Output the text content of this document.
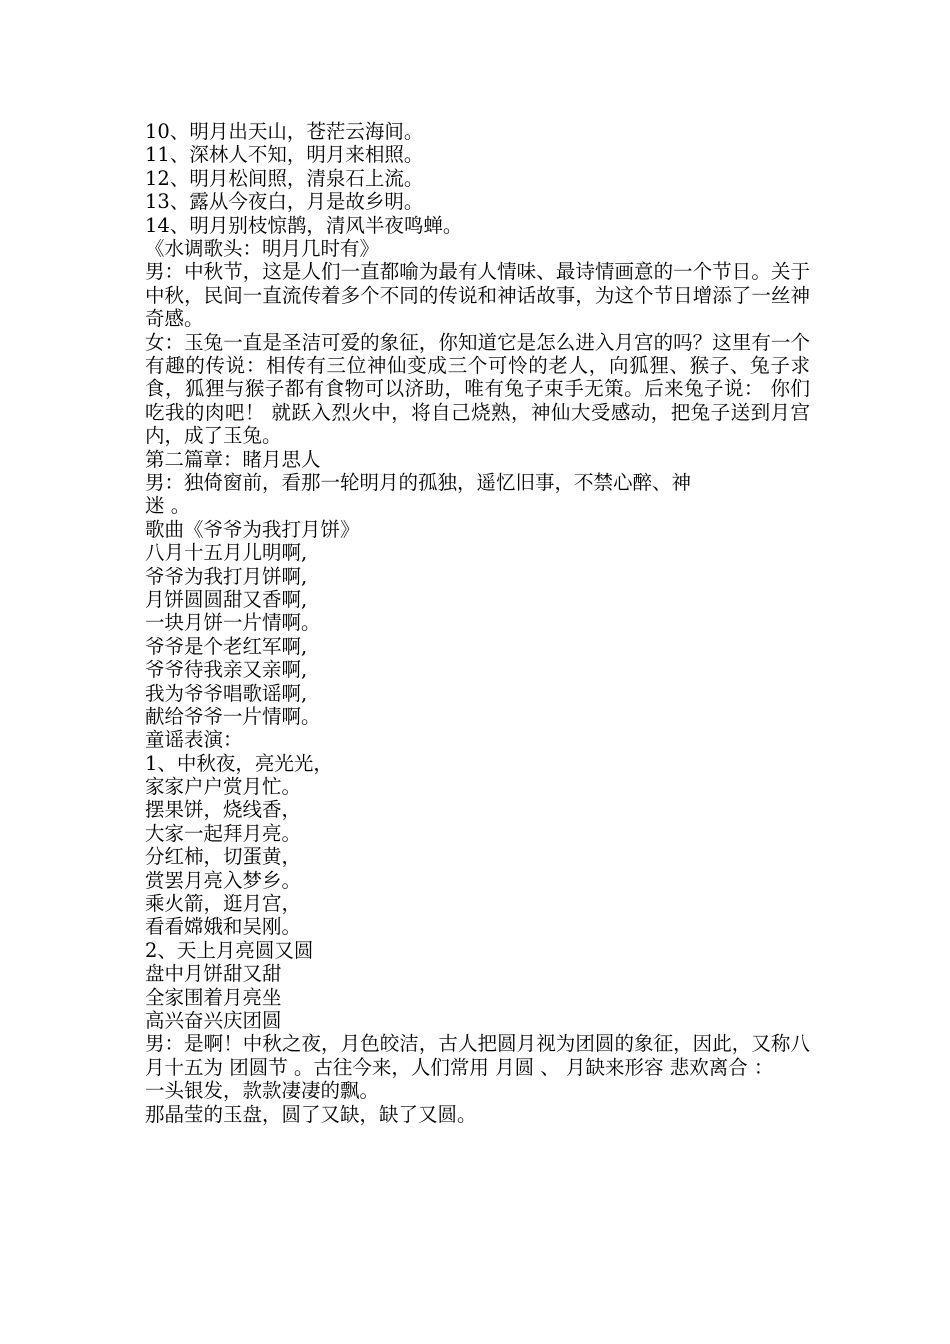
10、明月出天山，苍茫云海间。
11、深林人不知，明月来相照。
12、明月松间照，清泉石上流。
13、露从今夜白，月是故乡明。
14、明月别枝惊鹊，清风半夜鸣蝉。
《水调歌头：明月几时有》
男：中秋节，这是人们一直都喻为最有人情味、最诗情画意的一个节日。关于中秋，民间一直流传着多个不同的传说和神话故事，为这个节日增添了一丝神奇感。
女：玉兔一直是圣洁可爱的象征，你知道它是怎么进入月宫的吗？这里有一个有趣的传说：相传有三位神仙变成三个可怜的老人，向狐狸、猴子、兔子求食，狐狸与猴子都有食物可以济助，唯有兔子束手无策。后来兔子说： 你们吃我的肉吧！ 就跃入烈火中，将自己烧熟，神仙大受感动，把兔子送到月宫内，成了玉兔。
第二篇章：睹月思人
男：独倚窗前，看那一轮明月的孤独，遥忆旧事，不禁心醉、神
迷 。
歌曲《爷爷为我打月饼》
八月十五月儿明啊,
爷爷为我打月饼啊,
月饼圆圆甜又香啊,
一块月饼一片情啊。
爷爷是个老红军啊,
爷爷待我亲又亲啊,
我为爷爷唱歌谣啊,
献给爷爷一片情啊。
童谣表演：
1、中秋夜，亮光光，
家家户户赏月忙。
摆果饼，烧线香，
大家一起拜月亮。
分红柿，切蛋黄，
赏罢月亮入梦乡。
乘火箭，逛月宫，
看看嫦娥和吴刚。
2、天上月亮圆又圆
盘中月饼甜又甜
全家围着月亮坐
高兴奋兴庆团圆
男：是啊！中秋之夜，月色皎洁，古人把圆月视为团圆的象征，因此，又称八月十五为 团圆节 。古往今来，人们常用 月圆 、 月缺来形容 悲欢离合 ：
一头银发，款款凄凄的飘。
那晶莹的玉盘，圆了又缺，缺了又圆。
